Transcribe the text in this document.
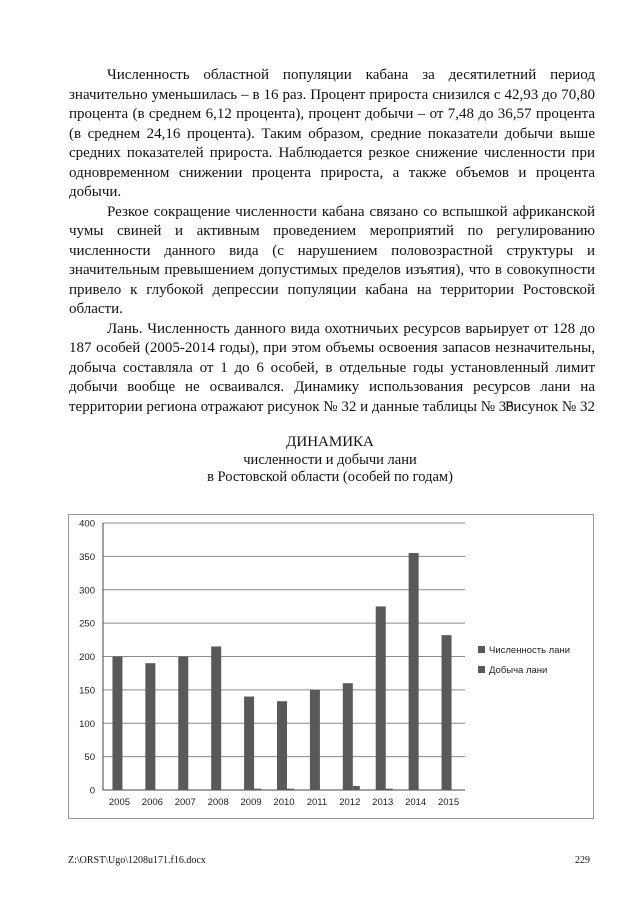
Численность областной популяции кабана за десятилетний период значительно уменьшилась – в 16 раз. Процент прироста снизился с 42,93 до 70,80 процента (в среднем 6,12 процента), процент добычи – от 7,48 до 36,57 процента (в среднем 24,16 процента). Таким образом, средние показатели добычи выше средних показателей прироста. Наблюдается резкое снижение численности при одновременном снижении процента прироста, а также объемов и процента добычи.

Резкое сокращение численности кабана связано со вспышкой африканской чумы свиней и активным проведением мероприятий по регулированию численности данного вида (с нарушением половозрастной структуры и значительным превышением допустимых пределов изъятия), что в совокупности привело к глубокой депрессии популяции кабана на территории Ростовской области.

Лань. Численность данного вида охотничьих ресурсов варьирует от 128 до 187 особей (2005-2014 годы), при этом объемы освоения запасов незначительны, добыча составляла от 1 до 6 особей, в отдельные годы установленный лимит добычи вообще не осваивался. Динамику использования ресурсов лани на территории региона отражают рисунок № 32 и данные таблицы № 35.

Рисунок № 32
ДИНАМИКА
численности и добычи лани
в Ростовской области (особей по годам)
0
50
100
150
200
250
300
350
400
2005 2006 2007 2008 2009 2010 2011 2012 2013 2014 2015
Численность лани
Добыча лани
Z:\ORST\Ugo\1208u171.f16.docx	229
